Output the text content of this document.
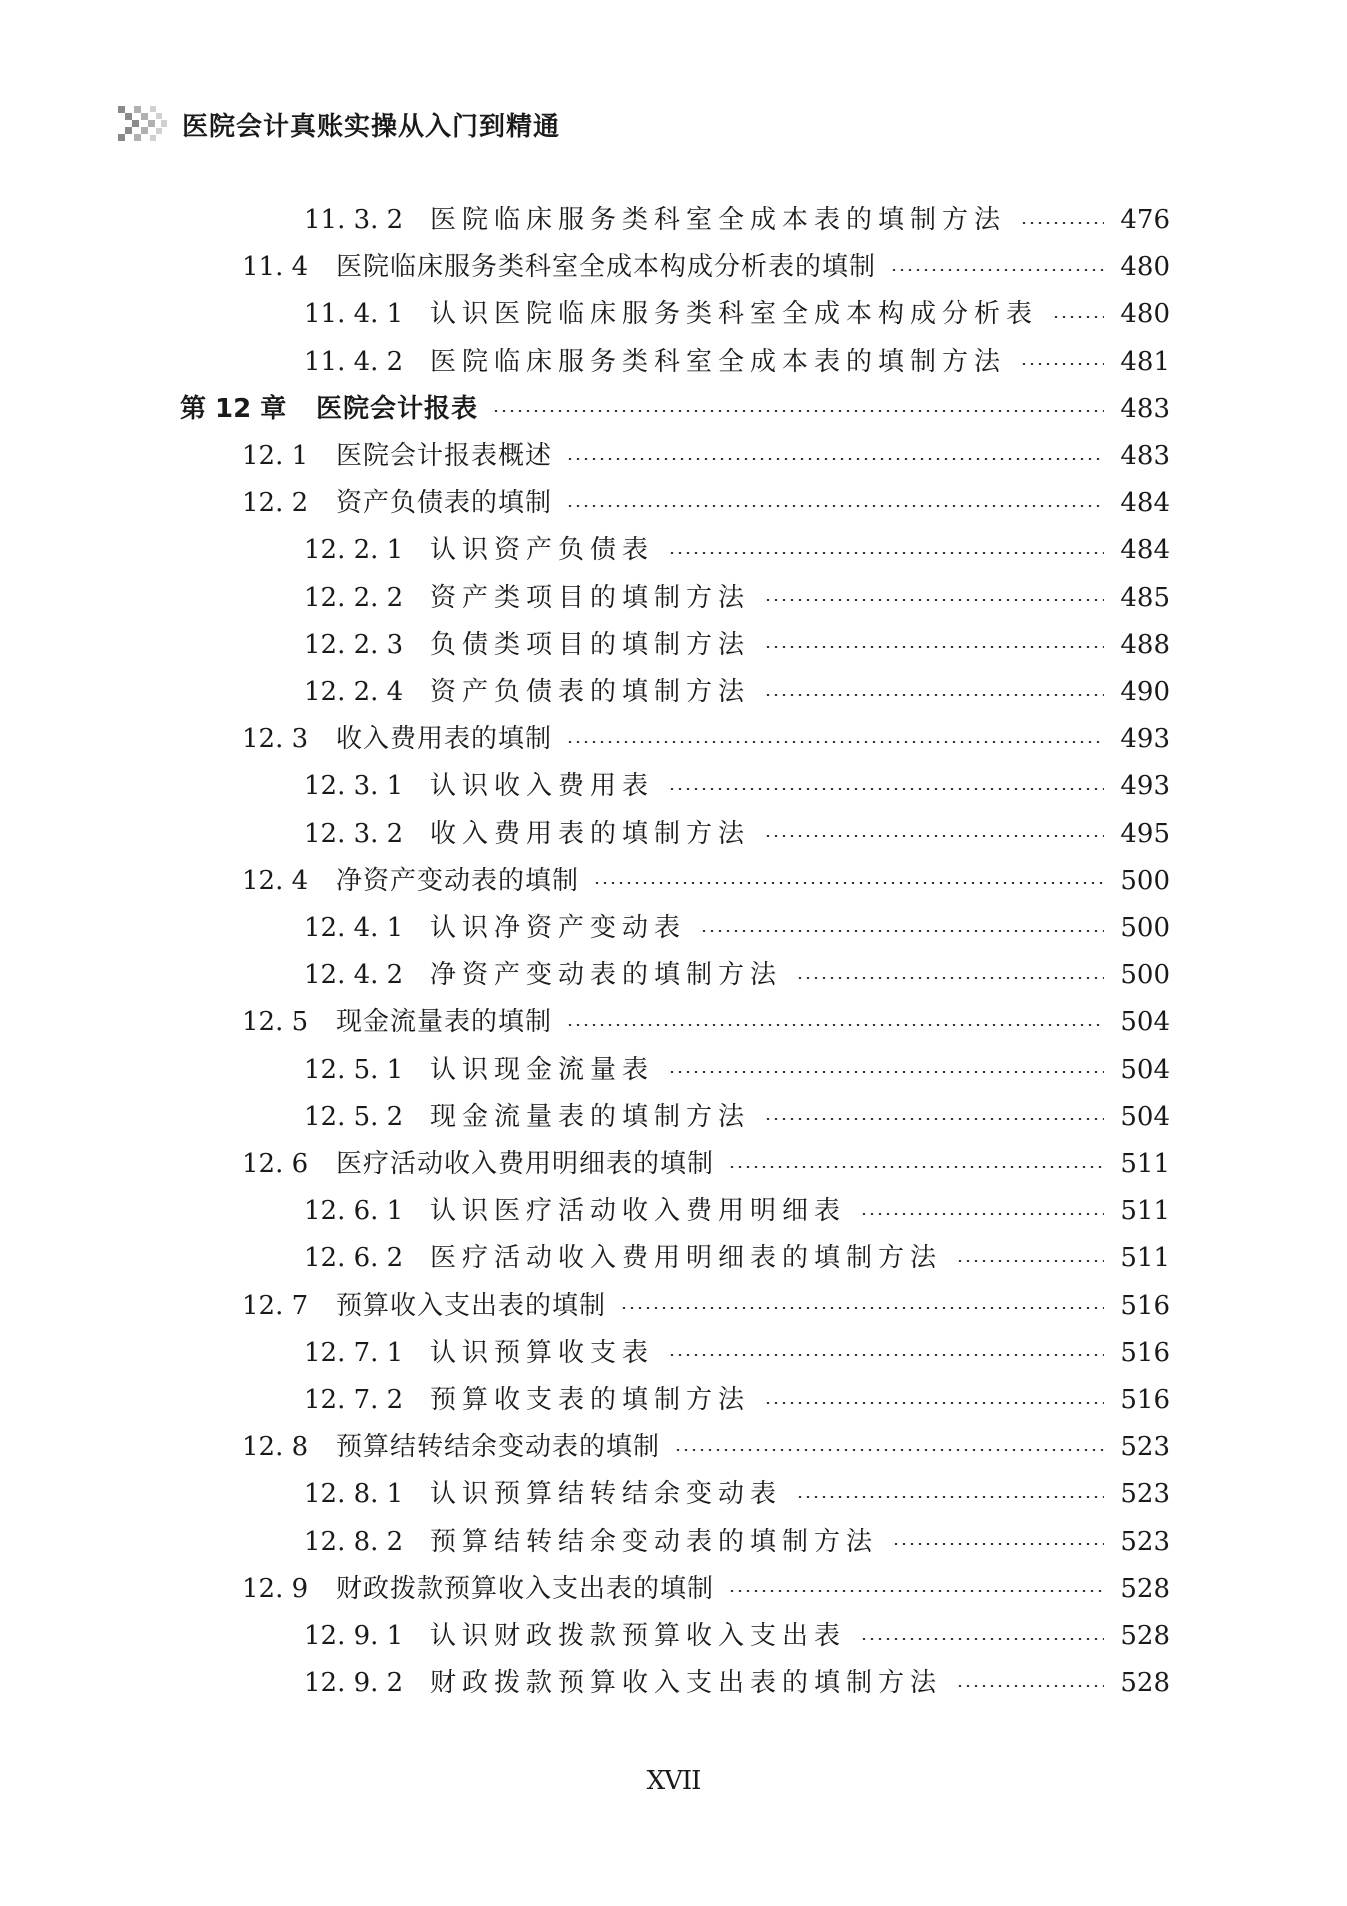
医院会计真账实操从入门到精通
11. 3. 2	医院临床服务类科室全成本表的填制方法	476
11. 4	医院临床服务类科室全成本构成分析表的填制	480
11. 4. 1	认识医院临床服务类科室全成本构成分析表	480
11. 4. 2	医院临床服务类科室全成本表的填制方法	481
第 12 章	医院会计报表	483
12. 1	医院会计报表概述	483
12. 2	资产负债表的填制	484
12. 2. 1	认识资产负债表	484
12. 2. 2	资产类项目的填制方法	485
12. 2. 3	负债类项目的填制方法	488
12. 2. 4	资产负债表的填制方法	490
12. 3	收入费用表的填制	493
12. 3. 1	认识收入费用表	493
12. 3. 2	收入费用表的填制方法	495
12. 4	净资产变动表的填制	500
12. 4. 1	认识净资产变动表	500
12. 4. 2	净资产变动表的填制方法	500
12. 5	现金流量表的填制	504
12. 5. 1	认识现金流量表	504
12. 5. 2	现金流量表的填制方法	504
12. 6	医疗活动收入费用明细表的填制	511
12. 6. 1	认识医疗活动收入费用明细表	511
12. 6. 2	医疗活动收入费用明细表的填制方法	511
12. 7	预算收入支出表的填制	516
12. 7. 1	认识预算收支表	516
12. 7. 2	预算收支表的填制方法	516
12. 8	预算结转结余变动表的填制	523
12. 8. 1	认识预算结转结余变动表	523
12. 8. 2	预算结转结余变动表的填制方法	523
12. 9	财政拨款预算收入支出表的填制	528
12. 9. 1	认识财政拨款预算收入支出表	528
12. 9. 2	财政拨款预算收入支出表的填制方法	528
XVII
